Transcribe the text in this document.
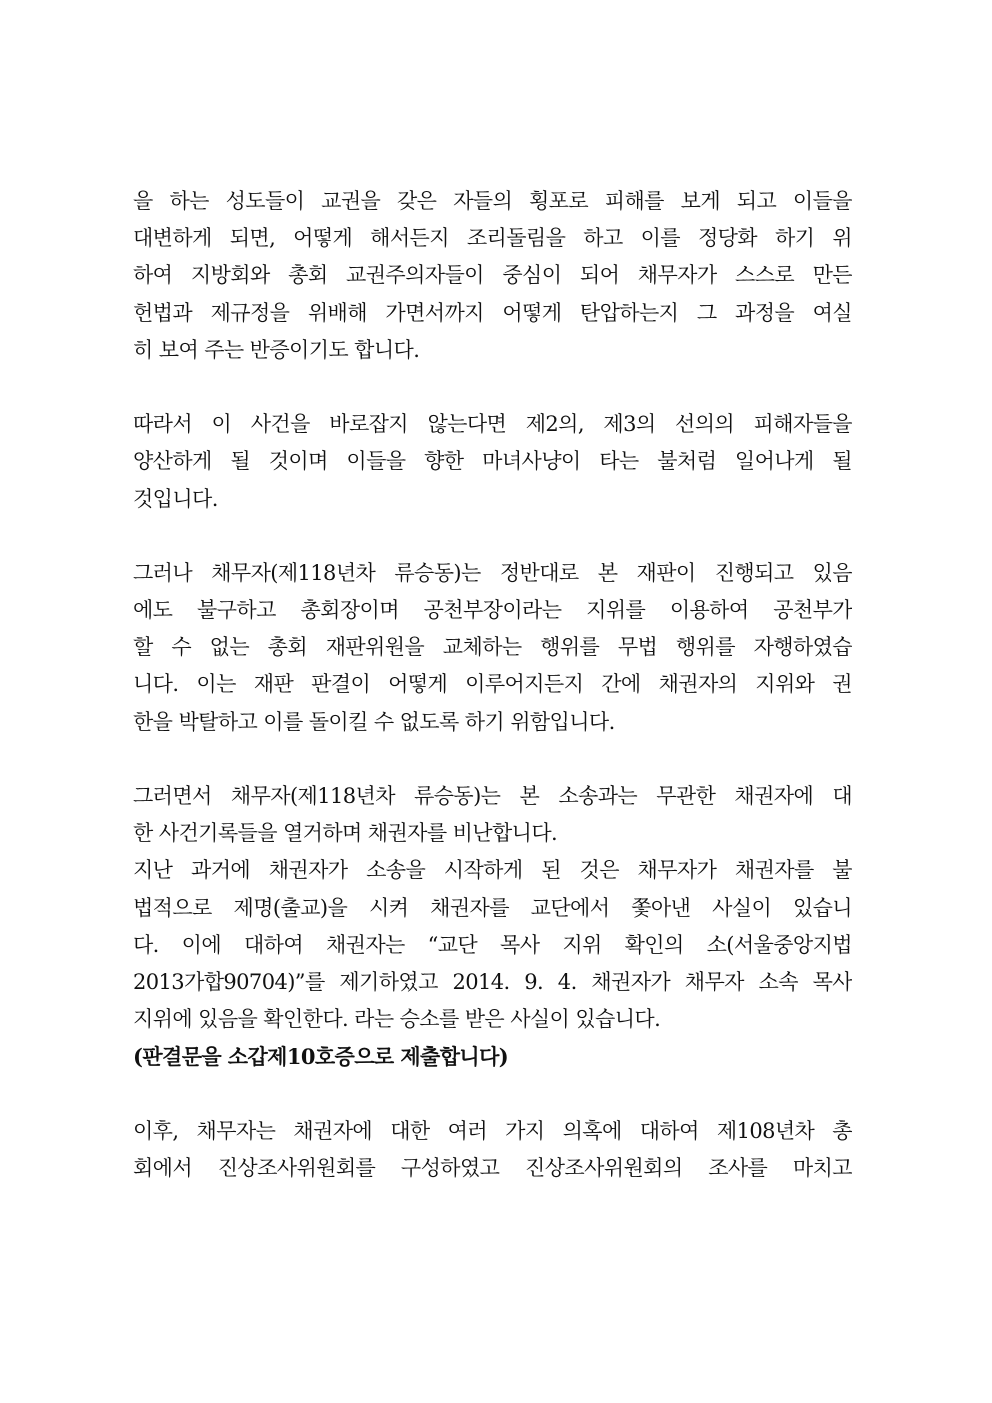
을 하는 성도들이 교권을 갖은 자들의 횡포로 피해를 보게 되고 이들을
대변하게 되면, 어떻게 해서든지 조리돌림을 하고 이를 정당화 하기 위
하여 지방회와 총회 교권주의자들이 중심이 되어 채무자가 스스로 만든
헌법과 제규정을 위배해 가면서까지 어떻게 탄압하는지 그 과정을 여실
히 보여 주는 반증이기도 합니다.
따라서 이 사건을 바로잡지 않는다면 제2의, 제3의 선의의 피해자들을
양산하게 될 것이며 이들을 향한 마녀사냥이 타는 불처럼 일어나게 될
것입니다.
그러나 채무자(제118년차 류승동)는 정반대로 본 재판이 진행되고 있음
에도 불구하고 총회장이며 공천부장이라는 지위를 이용하여 공천부가
할 수 없는 총회 재판위원을 교체하는 행위를 무법 행위를 자행하였습
니다. 이는 재판 판결이 어떻게 이루어지든지 간에 채권자의 지위와 권
한을 박탈하고 이를 돌이킬 수 없도록 하기 위함입니다.
그러면서 채무자(제118년차 류승동)는 본 소송과는 무관한 채권자에 대
한 사건기록들을 열거하며 채권자를 비난합니다.
지난 과거에 채권자가 소송을 시작하게 된 것은 채무자가 채권자를 불
법적으로 제명(출교)을 시켜 채권자를 교단에서 쫓아낸 사실이 있습니
다. 이에 대하여 채권자는 “교단 목사 지위 확인의 소(서울중앙지법
2013가합90704)”를 제기하였고 2014. 9. 4. 채권자가 채무자 소속 목사
지위에 있음을 확인한다. 라는 승소를 받은 사실이 있습니다.
(판결문을 소갑제10호증으로 제출합니다)
이후, 채무자는 채권자에 대한 여러 가지 의혹에 대하여 제108년차 총
회에서 진상조사위원회를 구성하였고 진상조사위원회의 조사를 마치고
